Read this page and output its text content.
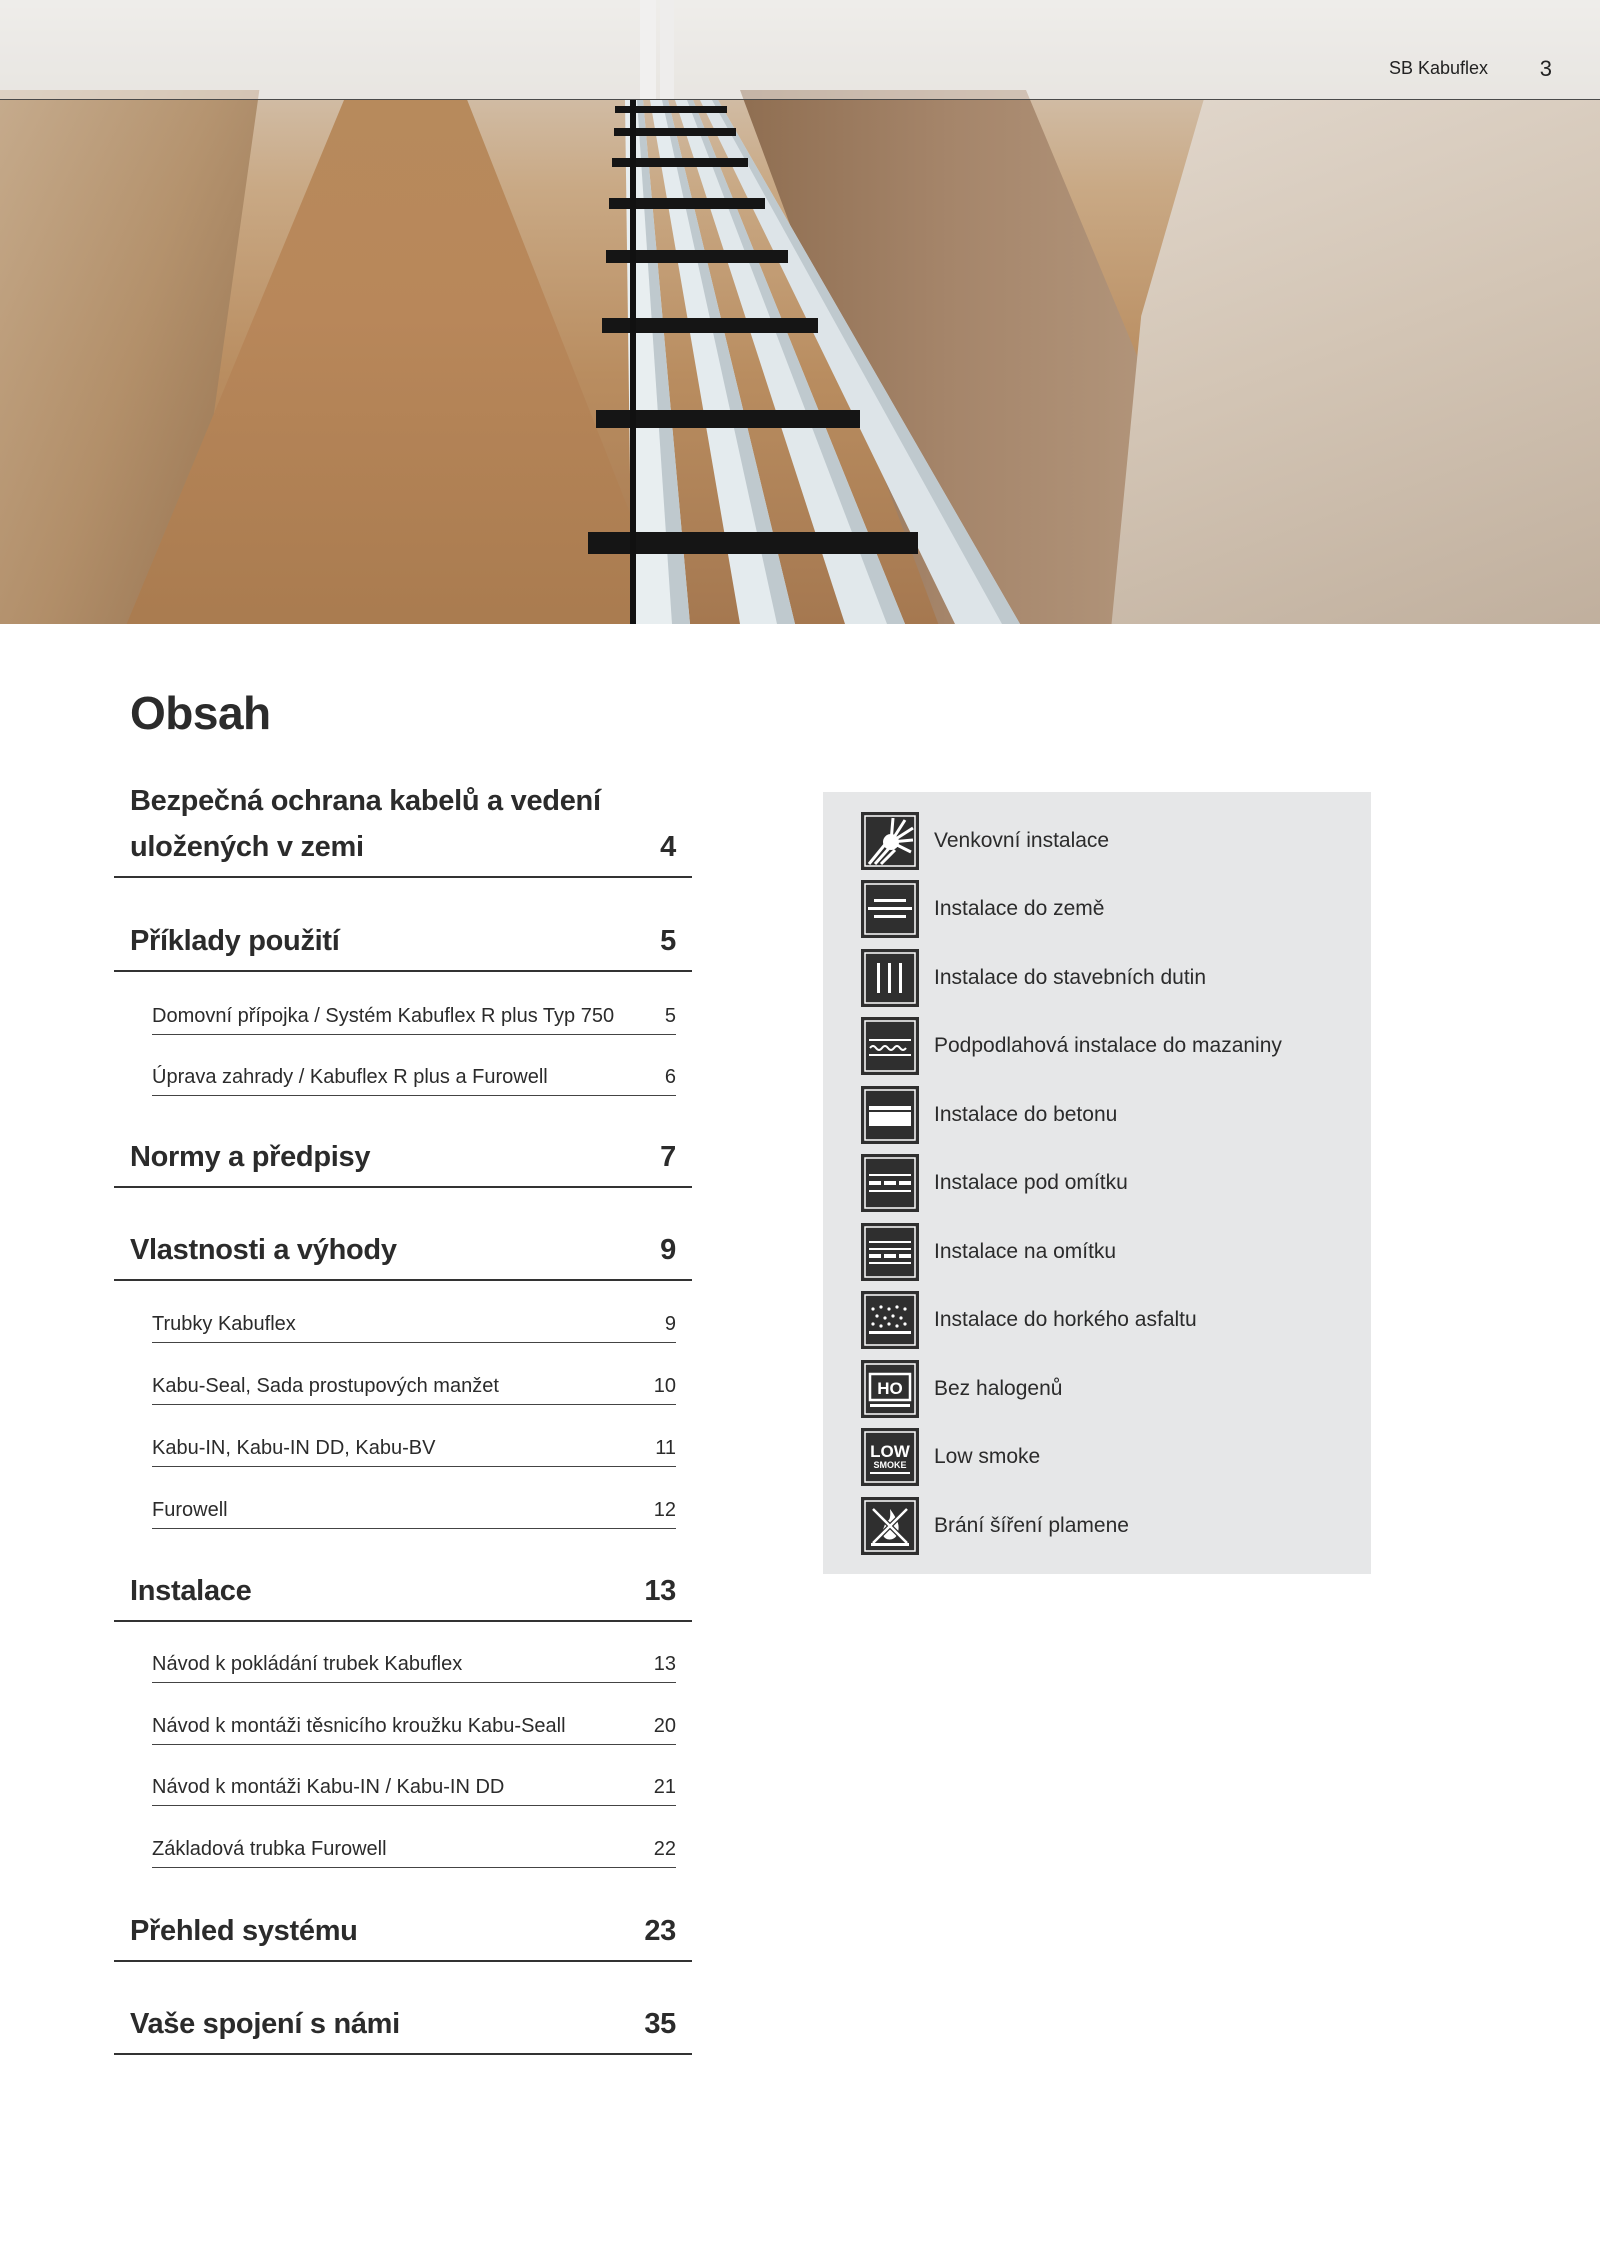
SB Kabuflex 3
Obsah
Bezpečná ochrana kabelů a vedení
uložených v zemi	4
Příklady použití	5
Domovní přípojka / Systém Kabuflex R plus Typ 750	5
Úprava zahrady / Kabuflex R plus a Furowell	6
Normy a předpisy	7
Vlastnosti a výhody	9
Trubky Kabuflex	9
Kabu-Seal, Sada prostupových manžet	10
Kabu-IN, Kabu-IN DD, Kabu-BV	11
Furowell	12
Instalace	13
Návod k pokládání trubek Kabuflex	13
Návod k montáži těsnicího kroužku Kabu-Seall	20
Návod k montáži Kabu-IN / Kabu-IN DD	21
Základová trubka Furowell	22
Přehled systému	23
Vaše spojení s námi	35
Venkovní instalace
Instalace do země
Instalace do stavebních dutin
Podpodlahová instalace do mazaniny
Instalace do betonu
Instalace pod omítku
Instalace na omítku
Instalace do horkého asfaltu
HO Bez halogenů
LOW
SMOKE Low smoke
Brání šíření plamene
